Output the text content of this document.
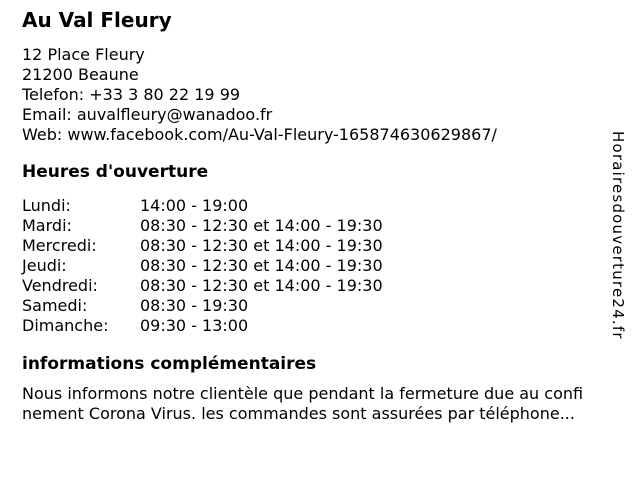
Au Val Fleury
12 Place Fleury
21200 Beaune
Telefon: +33 3 80 22 19 99
Email: auvalfleury@wanadoo.fr
Web: www.facebook.com/Au-Val-Fleury-165874630629867/
Heures d'ouverture
Lundi:	14:00 - 19:00
Mardi:	08:30 - 12:30 et 14:00 - 19:30
Mercredi:	08:30 - 12:30 et 14:00 - 19:30
Jeudi:	08:30 - 12:30 et 14:00 - 19:30
Vendredi:	08:30 - 12:30 et 14:00 - 19:30
Samedi:	08:30 - 19:30
Dimanche:	09:30 - 13:00
informations complémentaires
Nous informons notre clientèle que pendant la fermeture due au confi
nement Corona Virus. les commandes sont assurées par téléphone...
Horairesdouverture24.fr
